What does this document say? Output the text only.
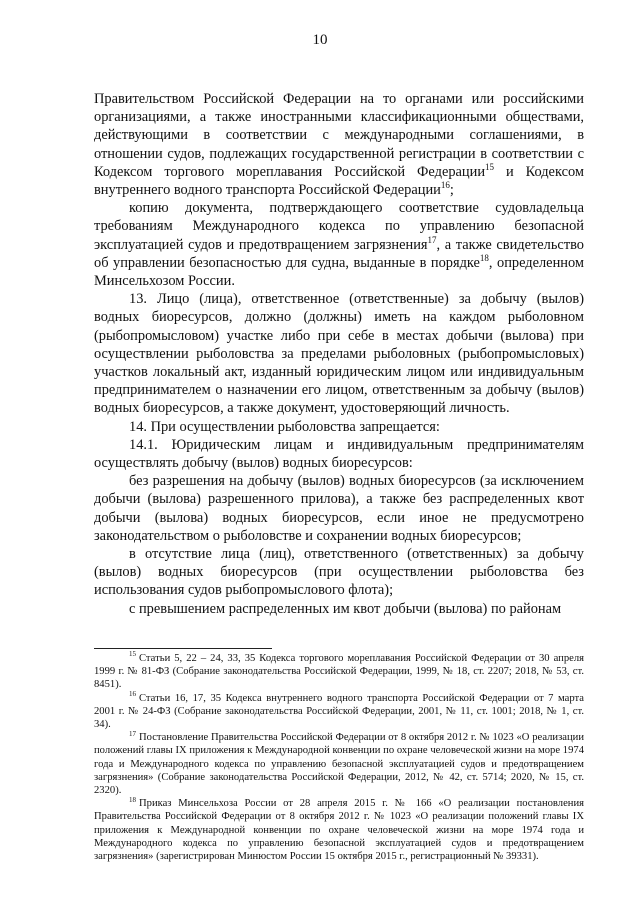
10

Правительством Российской Федерации на то органами или российскими организациями, а также иностранными классификационными обществами, действующими в соответствии с международными соглашениями, в отношении судов, подлежащих государственной регистрации в соответствии с Кодексом торгового мореплавания Российской Федерации$^{15}$ и Кодексом внутреннего водного транспорта Российской Федерации$^{16}$;

копию документа, подтверждающего соответствие судовладельца требованиям Международного кодекса по управлению безопасной эксплуатацией судов и предотвращением загрязнения$^{17}$, а также свидетельство об управлении безопасностью для судна, выданные в порядке$^{18}$, определенном Минсельхозом России.

13. Лицо (лица), ответственное (ответственные) за добычу (вылов) водных биоресурсов, должно (должны) иметь на каждом рыболовном (рыбопромысловом) участке либо при себе в местах добычи (вылова) при осуществлении рыболовства за пределами рыболовных (рыбопромысловых) участков локальный акт, изданный юридическим лицом или индивидуальным предпринимателем о назначении его лицом, ответственным за добычу (вылов) водных биоресурсов, а также документ, удостоверяющий личность.

14. При осуществлении рыболовства запрещается:

14.1. Юридическим лицам и индивидуальным предпринимателям осуществлять добычу (вылов) водных биоресурсов:

без разрешения на добычу (вылов) водных биоресурсов (за исключением добычи (вылова) разрешенного прилова), а также без распределенных квот добычи (вылова) водных биоресурсов, если иное не предусмотрено законодательством о рыболовстве и сохранении водных биоресурсов;

в отсутствие лица (лиц), ответственного (ответственных) за добычу (вылов) водных биоресурсов (при осуществлении рыболовства без использования судов рыбопромыслового флота);

с превышением распределенных им квот добычи (вылова) по районам

$^{15}$ Статьи 5, 22 – 24, 33, 35 Кодекса торгового мореплавания Российской Федерации от 30 апреля 1999 г. № 81-ФЗ (Собрание законодательства Российской Федерации, 1999, № 18, ст. 2207; 2018, № 53, ст. 8451).

$^{16}$ Статьи 16, 17, 35 Кодекса внутреннего водного транспорта Российской Федерации от 7 марта 2001 г. № 24-ФЗ (Собрание законодательства Российской Федерации, 2001, № 11, ст. 1001; 2018, № 1, ст. 34).

$^{17}$ Постановление Правительства Российской Федерации от 8 октября 2012 г. № 1023 «О реализации положений главы IX приложения к Международной конвенции по охране человеческой жизни на море 1974 года и Международного кодекса по управлению безопасной эксплуатацией судов и предотвращением загрязнения» (Собрание законодательства Российской Федерации, 2012, № 42, ст. 5714; 2020, № 15, ст. 2320).

$^{18}$ Приказ Минсельхоза России от 28 апреля 2015 г. № 166 «О реализации постановления Правительства Российской Федерации от 8 октября 2012 г. № 1023 «О реализации положений главы IX приложения к Международной конвенции по охране человеческой жизни на море 1974 года и Международного кодекса по управлению безопасной эксплуатацией судов и предотвращением загрязнения» (зарегистрирован Минюстом России 15 октября 2015 г., регистрационный № 39331).
